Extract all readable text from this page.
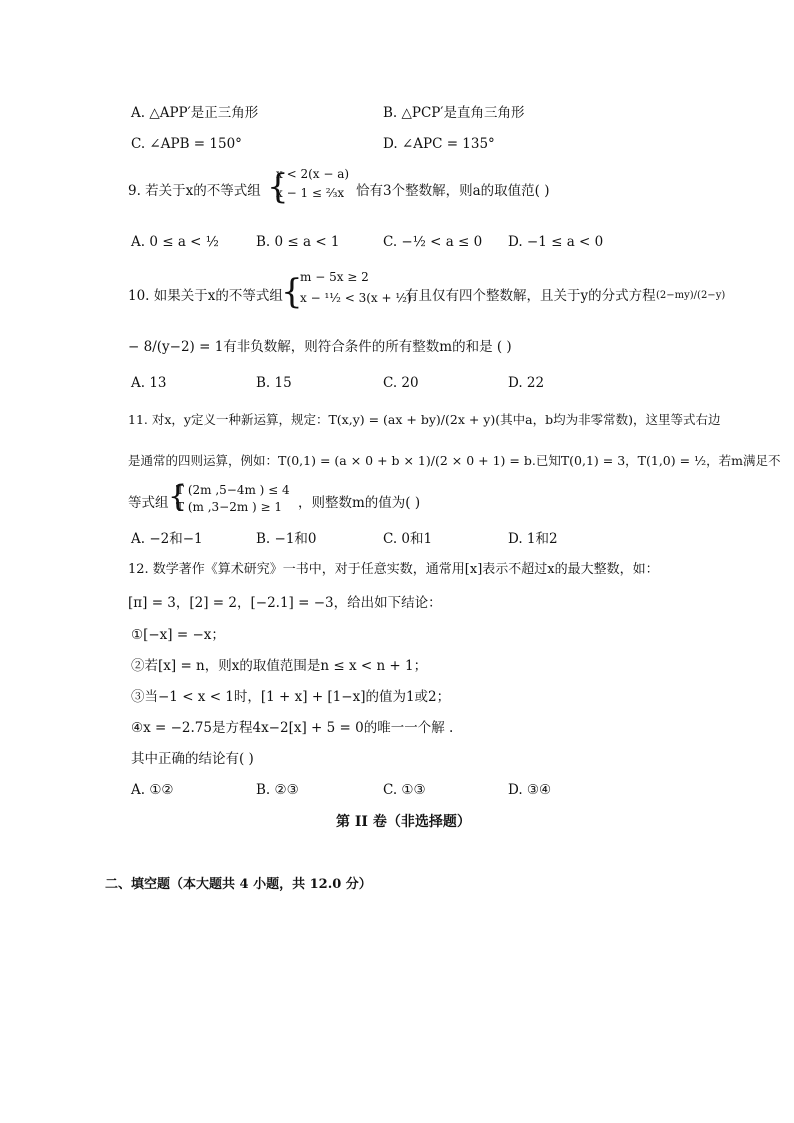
A. △APP′是正三角形	B. △PCP′是直角三角形
C. ∠APB = 150°	D. ∠APC = 135°
9. 若关于x的不等式组 {
x < 2(x − a)
x − 1 ≤ ²⁄₃x 恰有3个整数解，则a的取值范( )
A. 0 ≤ a < ½	B. 0 ≤ a < 1	C. −½ < a ≤ 0 D. −1 ≤ a < 0
10. 如果关于x的不等式组
{
m − 5x ≥ 2
x − ¹¹⁄₂ < 3(x + ½)
有且仅有四个整数解，且关于y的分式方程 (2−my)/(2−y)
− 8/(y−2) = 1有非负数解，则符合条件的所有整数m的和是 ( )
A. 13	B. 15	C. 20	D. 22
11. 对x，y定义一种新运算，规定：T(x,y) = (ax + by)/(2x + y)(其中a，b均为非零常数)，这里等式右边
是通常的四则运算，例如：T(0,1) = (a × 0 + b × 1)/(2 × 0 + 1) = b.已知T(0,1) = 3，T(1,0) = ½，若m满足不
等式组 {
T (2m ,5−4m ) ≤ 4
T (m ,3−2m ) ≥ 1 ，则整数m的值为( )
A. −2和−1	B. −1和0	C. 0和1	D. 1和2
12. 数学著作《算术研究》一书中，对于任意实数，通常用[x]表示不超过x的最大整数，如：
[π] = 3，[2] = 2，[−2.1] = −3，给出如下结论：
①[−x] = −x；
②若[x] = n，则x的取值范围是n ≤ x < n + 1；
③当−1 < x < 1时，[1 + x] + [1−x]的值为1或2；
④x = −2.75是方程4x−2[x] + 5 = 0的唯一一个解 .
其中正确的结论有( )
A. ①②	B. ②③	C. ①③	D. ③④
第 II 卷（非选择题）
二、填空题（本大题共 4 小题，共 12.0 分）
